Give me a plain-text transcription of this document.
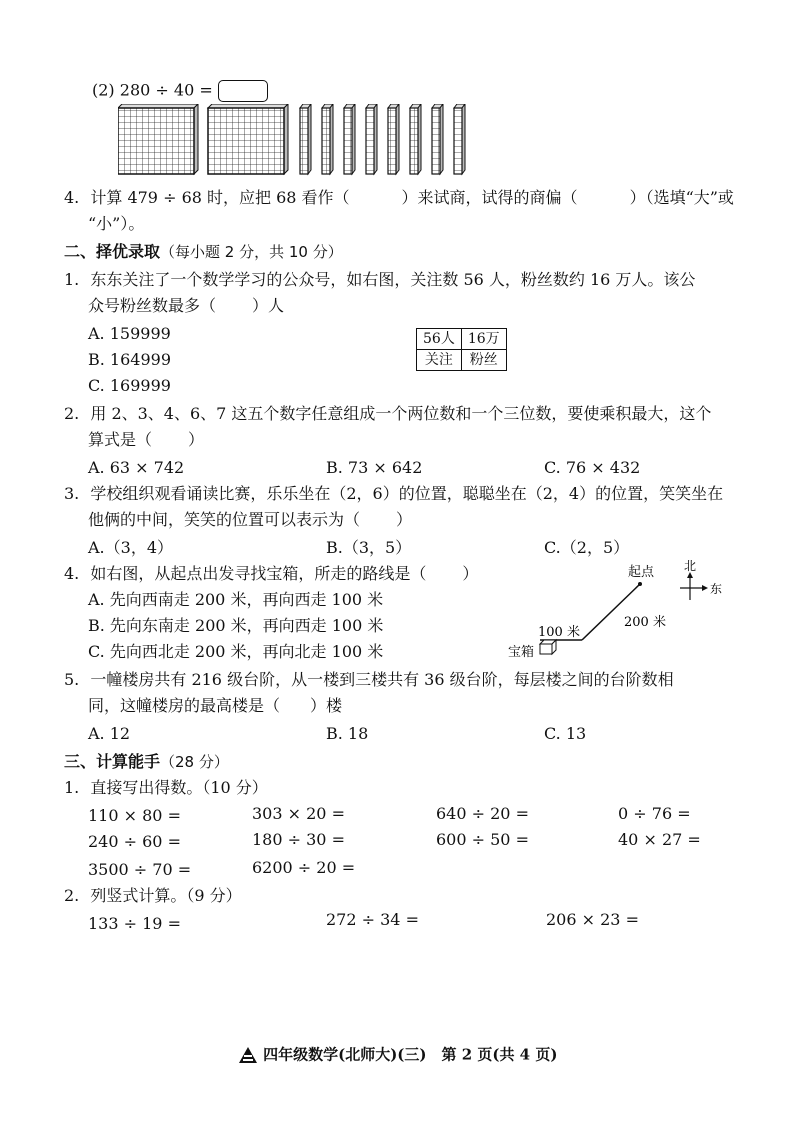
(2) 280 ÷ 40 =
4. 计算 479 ÷ 68 时，应把 68 看作（	）来试商，试得的商偏（	）（选填“大”或
“小”）。
二、择优录取（每小题 2 分，共 10 分）
1. 东东关注了一个数学学习的公众号，如右图，关注数 56 人，粉丝数约 16 万人。该公
众号粉丝数最多（ ）人
A. 159999
B. 164999
C. 169999
56人	16万
关注	粉丝
2. 用 2、3、4、6、7 这五个数字任意组成一个两位数和一个三位数，要使乘积最大，这个
算式是（ ）
A. 63 × 742	B. 73 × 642	C. 76 × 432
3. 学校组织观看诵读比赛，乐乐坐在（2，6）的位置，聪聪坐在（2，4）的位置，笑笑坐在
他俩的中间，笑笑的位置可以表示为（ ）
A.（3，4）	B.（3，5）	C.（2，5）
4. 如右图，从起点出发寻找宝箱，所走的路线是（ ）
A. 先向西南走 200 米，再向西走 100 米
B. 先向东南走 200 米，再向西走 100 米
C. 先向西北走 200 米，再向北走 100 米
起点
200 米
100 米
宝箱
北
东
5. 一幢楼房共有 216 级台阶，从一楼到三楼共有 36 级台阶，每层楼之间的台阶数相
同，这幢楼房的最高楼是（ ）楼
A. 12	B. 18	C. 13
三、计算能手（28 分）
1. 直接写出得数。（10 分）
110 × 80 =	303 × 20 =	640 ÷ 20 =	0 ÷ 76 =
240 ÷ 60 =	180 ÷ 30 =	600 ÷ 50 =	40 × 27 =
3500 ÷ 70 =	6200 ÷ 20 =
2. 列竖式计算。（9 分）
133 ÷ 19 =	272 ÷ 34 =	206 × 23 =
四年级数学(北师大)(三)　第 2 页(共 4 页)
